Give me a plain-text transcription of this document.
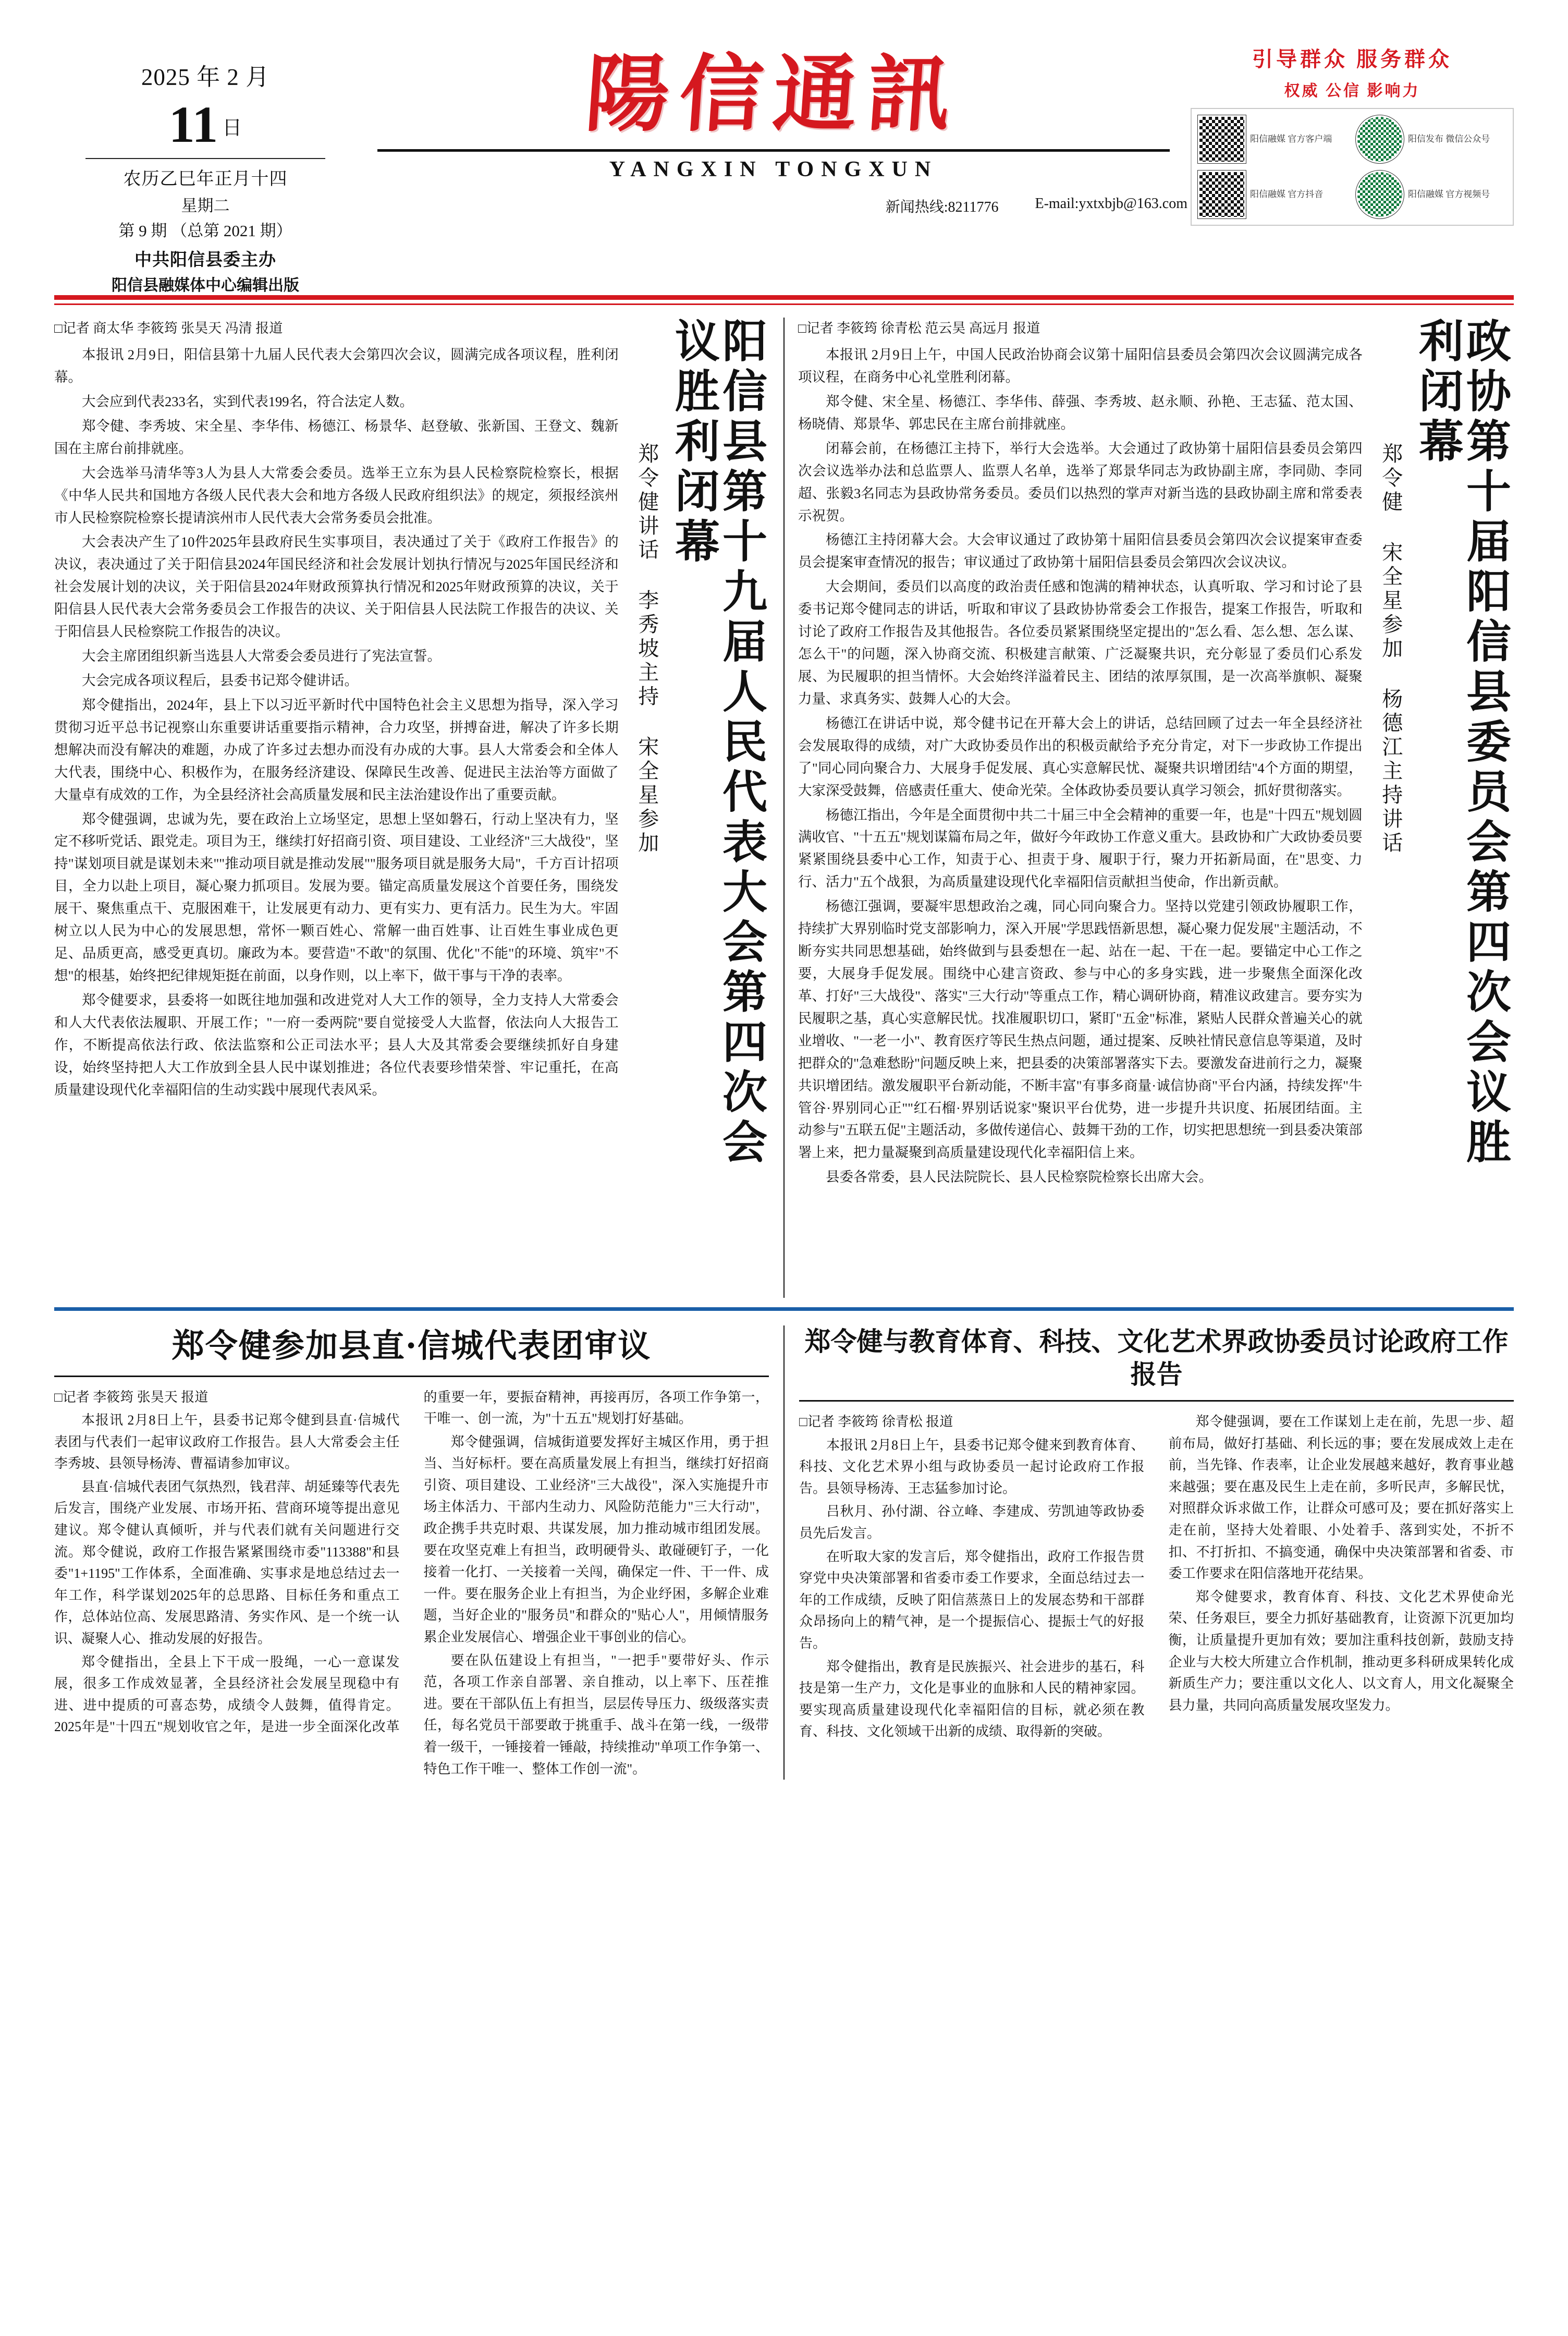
2025 年 2 月
11 日
农历乙巳年正月十四
星期二
第 9 期 （总第 2021 期）
中共阳信县委主办
阳信县融媒体中心编辑出版
陽信通訊
YANGXIN TONGXUN
新闻热线:8211776	E-mail:yxtxbjb@163.com
引导群众 服务群众
权威 公信 影响力
阳信融媒 官方客户端	阳信发布 微信公众号
阳信融媒 官方抖音	阳信融媒 官方视频号
阳信县第十九届人民代表大会第四次会议胜利闭幕
郑令健讲话 李秀坡主持 宋全星参加
□记者 商太华 李筱筠 张昊天 冯清 报道

本报讯 2月9日，阳信县第十九届人民代表大会第四次会议，圆满完成各项议程，胜利闭幕。

大会应到代表233名，实到代表199名，符合法定人数。

郑令健、李秀坡、宋全星、李华伟、杨德江、杨景华、赵登敏、张新国、王登文、魏新国在主席台前排就座。

大会选举马清华等3人为县人大常委会委员。选举王立东为县人民检察院检察长，根据《中华人民共和国地方各级人民代表大会和地方各级人民政府组织法》的规定，须报经滨州市人民检察院检察长提请滨州市人民代表大会常务委员会批准。

大会表决产生了10件2025年县政府民生实事项目，表决通过了关于《政府工作报告》的决议，表决通过了关于阳信县2024年国民经济和社会发展计划执行情况与2025年国民经济和社会发展计划的决议，关于阳信县2024年财政预算执行情况和2025年财政预算的决议，关于阳信县人民代表大会常务委员会工作报告的决议、关于阳信县人民法院工作报告的决议、关于阳信县人民检察院工作报告的决议。

大会主席团组织新当选县人大常委会委员进行了宪法宣誓。

大会完成各项议程后，县委书记郑令健讲话。

郑令健指出，2024年，县上下以习近平新时代中国特色社会主义思想为指导，深入学习贯彻习近平总书记视察山东重要讲话重要指示精神，合力攻坚，拼搏奋进，解决了许多长期想解决而没有解决的难题，办成了许多过去想办而没有办成的大事。县人大常委会和全体人大代表，围绕中心、积极作为，在服务经济建设、保障民生改善、促进民主法治等方面做了大量卓有成效的工作，为全县经济社会高质量发展和民主法治建设作出了重要贡献。

郑令健强调，忠诚为先，要在政治上立场坚定，思想上坚如磐石，行动上坚决有力，坚定不移听党话、跟党走。项目为王，继续打好招商引资、项目建设、工业经济"三大战役"，坚持"谋划项目就是谋划未来""推动项目就是推动发展""服务项目就是服务大局"，千方百计招项目，全力以赴上项目，凝心聚力抓项目。发展为要。锚定高质量发展这个首要任务，围绕发展干、聚焦重点干、克服困难干，让发展更有动力、更有实力、更有活力。民生为大。牢固树立以人民为中心的发展思想，常怀一颗百姓心、常解一曲百姓事、让百姓生事业成色更足、品质更高，感受更真切。廉政为本。要营造"不敢"的氛围、优化"不能"的环境、筑牢"不想"的根基，始终把纪律规矩挺在前面，以身作则，以上率下，做干事与干净的表率。

郑令健要求，县委将一如既往地加强和改进党对人大工作的领导，全力支持人大常委会和人大代表依法履职、开展工作；"一府一委两院"要自觉接受人大监督，依法向人大报告工作，不断提高依法行政、依法监察和公正司法水平；县人大及其常委会要继续抓好自身建设，始终坚持把人大工作放到全县人民中谋划推进；各位代表要珍惜荣誉、牢记重托，在高质量建设现代化幸福阳信的生动实践中展现代表风采。	政协第十届阳信县委员会第四次会议胜利闭幕
郑令健 宋全星参加 杨德江主持讲话
□记者 李筱筠 徐青松 范云昊 高远月 报道

本报讯 2月9日上午，中国人民政治协商会议第十届阳信县委员会第四次会议圆满完成各项议程，在商务中心礼堂胜利闭幕。

郑令健、宋全星、杨德江、李华伟、薛强、李秀坡、赵永顺、孙艳、王志猛、范太国、杨晓倩、郑景华、郭忠民在主席台前排就座。

闭幕会前，在杨德江主持下，举行大会选举。大会通过了政协第十届阳信县委员会第四次会议选举办法和总监票人、监票人名单，选举了郑景华同志为政协副主席，李同勋、李同超、张毅3名同志为县政协常务委员。委员们以热烈的掌声对新当选的县政协副主席和常委表示祝贺。

杨德江主持闭幕大会。大会审议通过了政协第十届阳信县委员会第四次会议提案审查委员会提案审查情况的报告；审议通过了政协第十届阳信县委员会第四次会议决议。

大会期间，委员们以高度的政治责任感和饱满的精神状态，认真听取、学习和讨论了县委书记郑令健同志的讲话，听取和审议了县政协协常委会工作报告，提案工作报告，听取和讨论了政府工作报告及其他报告。各位委员紧紧围绕坚定提出的"怎么看、怎么想、怎么谋、怎么干"的问题，深入协商交流、积极建言献策、广泛凝聚共识，充分彰显了委员们心系发展、为民履职的担当情怀。大会始终洋溢着民主、团结的浓厚氛围，是一次高举旗帜、凝聚力量、求真务实、鼓舞人心的大会。

杨德江在讲话中说，郑令健书记在开幕大会上的讲话，总结回顾了过去一年全县经济社会发展取得的成绩，对广大政协委员作出的积极贡献给予充分肯定，对下一步政协工作提出了"同心同向聚合力、大展身手促发展、真心实意解民忧、凝聚共识增团结"4个方面的期望，大家深受鼓舞，倍感责任重大、使命光荣。全体政协委员要认真学习领会，抓好贯彻落实。

杨德江指出，今年是全面贯彻中共二十届三中全会精神的重要一年，也是"十四五"规划圆满收官、"十五五"规划谋篇布局之年，做好今年政协工作意义重大。县政协和广大政协委员要紧紧围绕县委中心工作，知责于心、担责于身、履职于行，聚力开拓新局面，在"思变、力行、活力"五个战狠，为高质量建设现代化幸福阳信贡献担当使命，作出新贡献。

杨德江强调，要凝牢思想政治之魂，同心同向聚合力。坚持以党建引领政协履职工作，持续扩大界别临时党支部影响力，深入开展"学思践悟新思想，凝心聚力促发展"主题活动，不断夯实共同思想基础，始终做到与县委想在一起、站在一起、干在一起。要锚定中心工作之要，大展身手促发展。围绕中心建言资政、参与中心的多身实践，进一步聚焦全面深化改革、打好"三大战役"、落实"三大行动"等重点工作，精心调研协商，精准议政建言。要夯实为民履职之基，真心实意解民忧。找准履职切口，紧盯"五金"标准，紧贴人民群众普遍关心的就业增收、"一老一小"、教育医疗等民生热点问题，通过提案、反映社情民意信息等渠道，及时把群众的"急难愁盼"问题反映上来，把县委的决策部署落实下去。要激发奋进前行之力，凝聚共识增团结。激发履职平台新动能，不断丰富"有事多商量·诚信协商"平台内涵，持续发挥"牛管谷·界别同心正""红石榴·界别话说家"聚识平台优势，进一步提升共识度、拓展团结面。主动参与"五联五促"主题活动，多做传递信心、鼓舞干劲的工作，切实把思想统一到县委决策部署上来，把力量凝聚到高质量建设现代化幸福阳信上来。

县委各常委，县人民法院院长、县人民检察院检察长出席大会。

郑令健参加县直·信城代表团审议

□记者 李筱筠 张昊天 报道

本报讯 2月8日上午，县委书记郑令健到县直·信城代表团与代表们一起审议政府工作报告。县人大常委会主任李秀坡、县领导杨涛、曹福请参加审议。

县直·信城代表团气氛热烈，钱君萍、胡延臻等代表先后发言，围绕产业发展、市场开拓、营商环境等提出意见建议。郑令健认真倾听，并与代表们就有关问题进行交流。郑令健说，政府工作报告紧紧围绕市委"113388"和县委"1+1195"工作体系，全面准确、实事求是地总结过去一年工作，科学谋划2025年的总思路、目标任务和重点工作，总体站位高、发展思路清、务实作风、是一个统一认识、凝聚人心、推动发展的好报告。

郑令健指出，全县上下干成一股绳，一心一意谋发展，很多工作成效显著，全县经济社会发展呈现稳中有进、进中提质的可喜态势，成绩令人鼓舞，值得肯定。2025年是"十四五"规划收官之年，是进一步全面深化改革的重要一年，要振奋精神，再接再厉，各项工作争第一，干唯一、创一流，为"十五五"规划打好基础。

郑令健强调，信城街道要发挥好主城区作用，勇于担当、当好标杆。要在高质量发展上有担当，继续打好招商引资、项目建设、工业经济"三大战役"，深入实施提升市场主体活力、干部内生动力、风险防范能力"三大行动"，政企携手共克时艰、共谋发展，加力推动城市组团发展。要在攻坚克难上有担当，政明硬骨头、敢碰硬钉子，一化接着一化打、一关接着一关闯，确保定一件、干一件、成一件。要在服务企业上有担当，为企业纾困，多解企业难题，当好企业的"服务员"和群众的"贴心人"，用倾情服务累企业发展信心、增强企业干事创业的信心。

要在队伍建设上有担当，"一把手"要带好头、作示范，各项工作亲自部署、亲自推动，以上率下、压茬推进。要在干部队伍上有担当，层层传导压力、级级落实责任，每名党员干部要敢于挑重手、战斗在第一线，一级带着一级干，一锤接着一锤敲，持续推动"单项工作争第一、特色工作干唯一、整体工作创一流"。

郑令健与教育体育、科技、文化艺术界政协委员讨论政府工作报告

□记者 李筱筠 徐青松 报道

本报讯 2月8日上午，县委书记郑令健来到教育体育、科技、文化艺术界小组与政协委员一起讨论政府工作报告。县领导杨涛、王志猛参加讨论。

吕秋月、孙付湖、谷立峰、李建成、劳凯迪等政协委员先后发言。

在听取大家的发言后，郑令健指出，政府工作报告贯穿党中央决策部署和省委市委工作要求，全面总结过去一年的工作成绩，反映了阳信蒸蒸日上的发展态势和干部群众昂扬向上的精气神，是一个提振信心、提振士气的好报告。

郑令健指出，教育是民族振兴、社会进步的基石，科技是第一生产力，文化是事业的血脉和人民的精神家园。要实现高质量建设现代化幸福阳信的目标，就必须在教育、科技、文化领域干出新的成绩、取得新的突破。

郑令健强调，要在工作谋划上走在前，先思一步、超前布局，做好打基础、利长远的事；要在发展成效上走在前，当先锋、作表率，让企业发展越来越好，教育事业越来越强；要在惠及民生上走在前，多听民声，多解民忧，对照群众诉求做工作，让群众可感可及；要在抓好落实上走在前，坚持大处着眼、小处着手、落到实处，不折不扣、不打折扣、不搞变通，确保中央决策部署和省委、市委工作要求在阳信落地开花结果。

郑令健要求，教育体育、科技、文化艺术界使命光荣、任务艰巨，要全力抓好基础教育，让资源下沉更加均衡，让质量提升更加有效；要加注重科技创新，鼓励支持企业与大校大所建立合作机制，推动更多科研成果转化成新质生产力；要注重以文化人、以文育人，用文化凝聚全县力量，共同向高质量发展攻坚发力。
